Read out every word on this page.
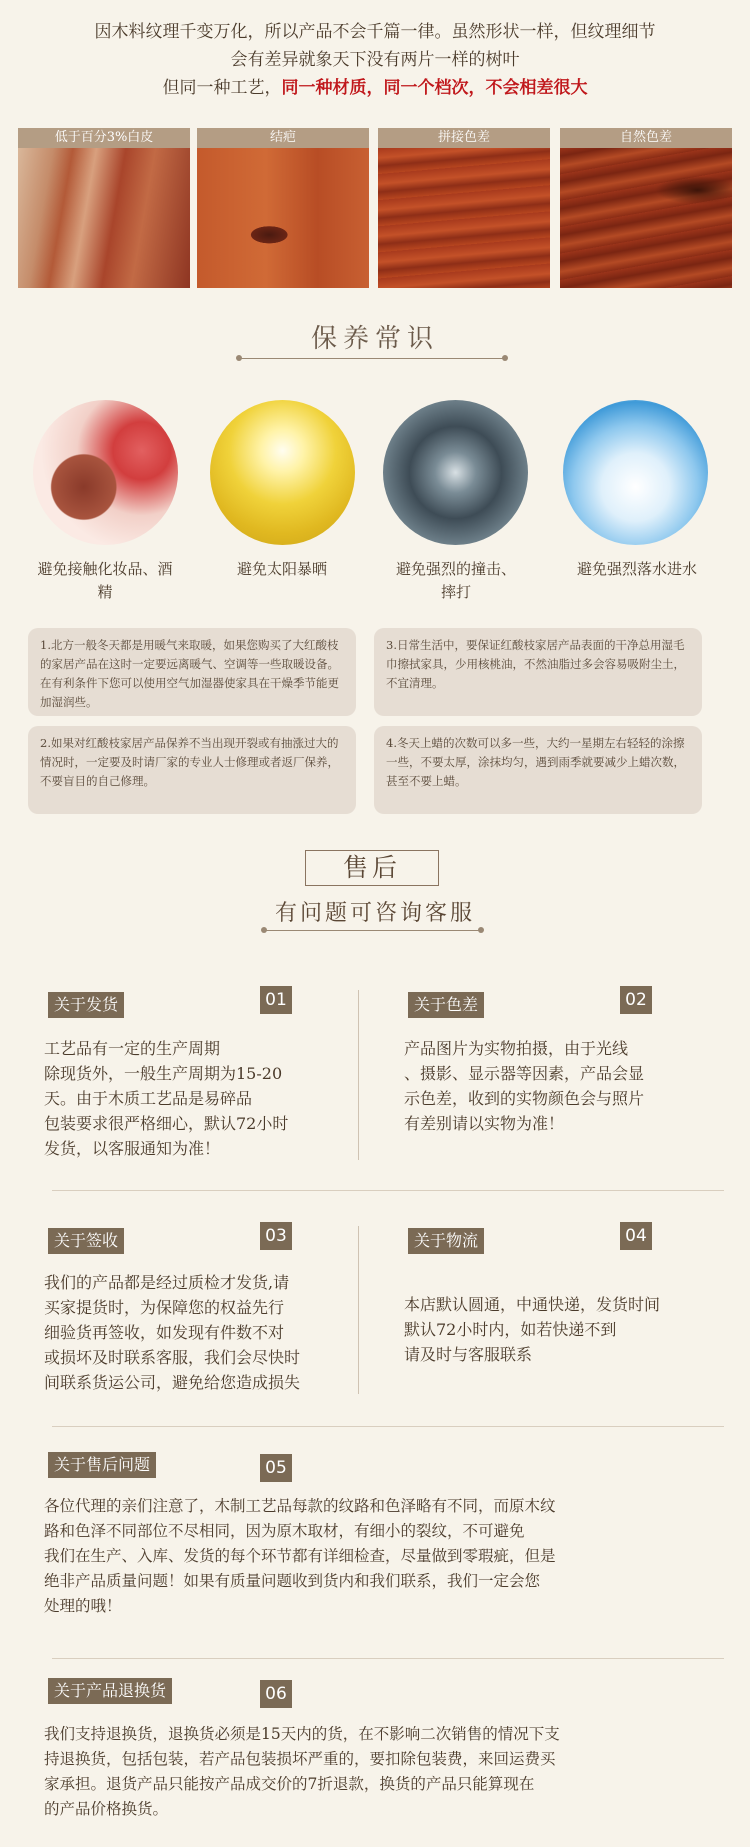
因木料纹理千变万化，所以产品不会千篇一律。虽然形状一样，但纹理细节
会有差异就象天下没有两片一样的树叶
但同一种工艺，同一种材质，同一个档次，不会相差很大
低于百分3%白皮	结疤	拼接色差	自然色差
保养常识
避免接触化妆品、酒精
避免太阳暴晒	避免强烈的撞击、摔打
避免强烈落水进水
1.北方一般冬天都是用暖气来取暖，如果您购买了大红酸枝的家居产品在这时一定要远离暖气、空调等一些取暖设备。在有利条件下您可以使用空气加湿器使家具在干燥季节能更加湿润些。
2.如果对红酸枝家居产品保养不当出现开裂或有抽涨过大的情况时，一定要及时请厂家的专业人士修理或者返厂保养，不要盲目的自己修理。
3.日常生活中，要保证红酸枝家居产品表面的干净总用湿毛巾擦拭家具，少用核桃油，不然油脂过多会容易吸附尘土，不宜清理。
4.冬天上蜡的次数可以多一些，大约一星期左右轻轻的涂擦一些，不要太厚，涂抹均匀，遇到雨季就要减少上蜡次数，甚至不要上蜡。
售后
有问题可咨询客服
关于发货	01
工艺品有一定的生产周期
除现货外，一般生产周期为15-20
天。由于木质工艺品是易碎品
包装要求很严格细心，默认72小时
发货，以客服通知为准！
关于色差	02
产品图片为实物拍摄，由于光线
、摄影、显示器等因素，产品会显
示色差，收到的实物颜色会与照片
有差别请以实物为准！
关于签收	03
我们的产品都是经过质检才发货,请
买家提货时，为保障您的权益先行
细验货再签收，如发现有件数不对
或损坏及时联系客服，我们会尽快时
间联系货运公司，避免给您造成损失
关于物流	04
本店默认圆通，中通快递，发货时间
默认72小时内，如若快递不到
请及时与客服联系
关于售后问题	05
各位代理的亲们注意了，木制工艺品每款的纹路和色泽略有不同，而原木纹
路和色泽不同部位不尽相同，因为原木取材，有细小的裂纹，不可避免
我们在生产、入库、发货的每个环节都有详细检查，尽量做到零瑕疵，但是
绝非产品质量问题！如果有质量问题收到货内和我们联系，我们一定会您
处理的哦！
关于产品退换货	06
我们支持退换货，退换货必须是15天内的货，在不影响二次销售的情况下支
持退换货，包括包装，若产品包装损坏严重的，要扣除包装费，来回运费买
家承担。退货产品只能按产品成交价的7折退款，换货的产品只能算现在
的产品价格换货。
